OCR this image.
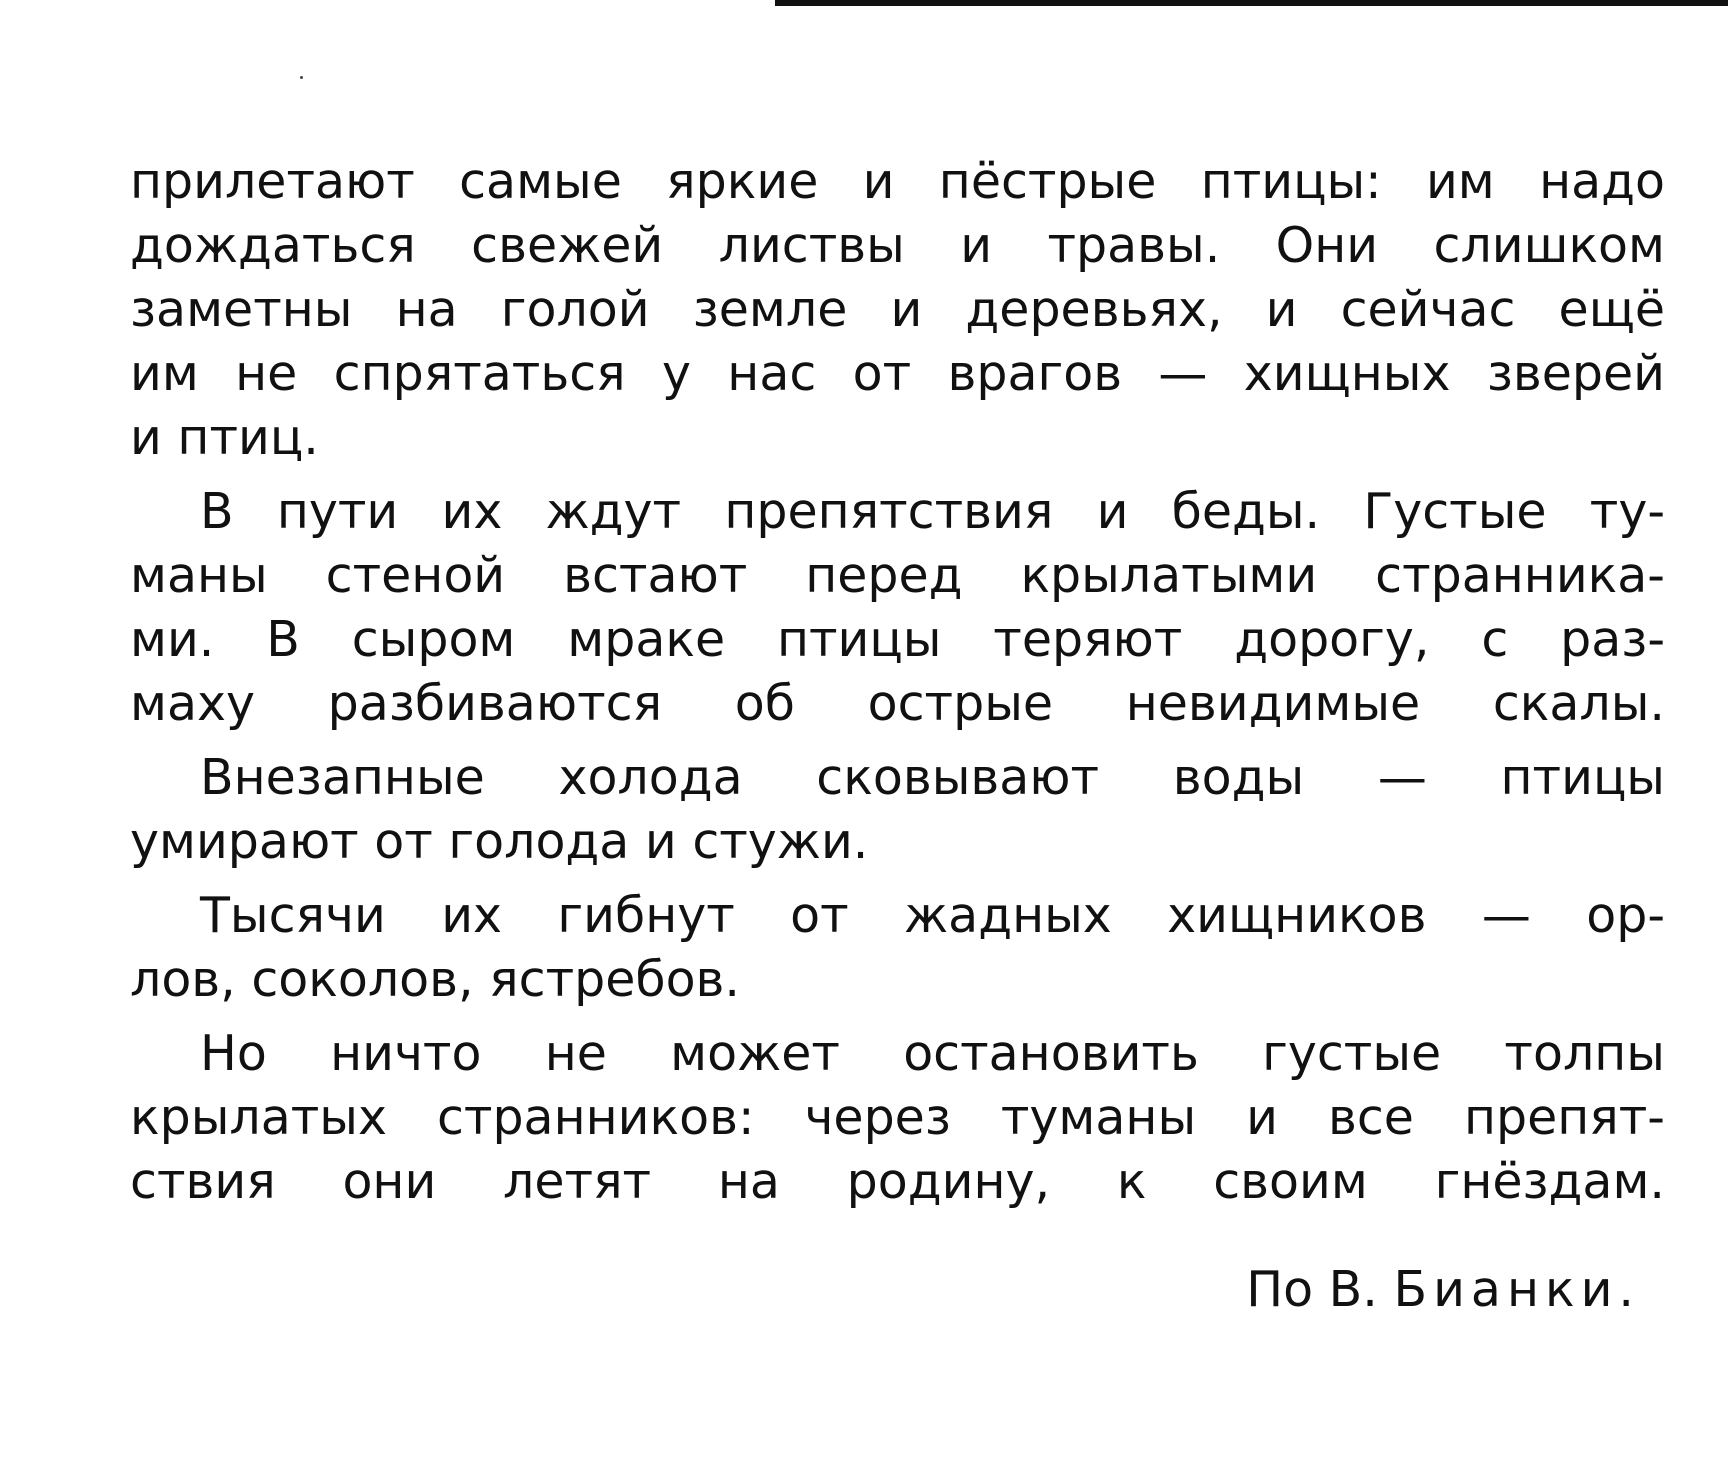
прилетают самые яркие и пёстрые птицы: им надо
дождаться свежей листвы и травы. Они слишком
заметны на голой земле и деревьях, и сейчас ещё
им не спрятаться у нас от врагов — хищных зверей
и птиц.

В пути их ждут препятствия и беды. Густые ту-
маны стеной встают перед крылатыми странника-
ми. В сыром мраке птицы теряют дорогу, с раз-
маху разбиваются об острые невидимые скалы.

Внезапные холода сковывают воды — птицы
умирают от голода и стужи.

Тысячи их гибнут от жадных хищников — ор-
лов, соколов, ястребов.

Но ничто не может остановить густые толпы
крылатых странников: через туманы и все препят-
ствия они летят на родину, к своим гнёздам.

По В. Бианки.
